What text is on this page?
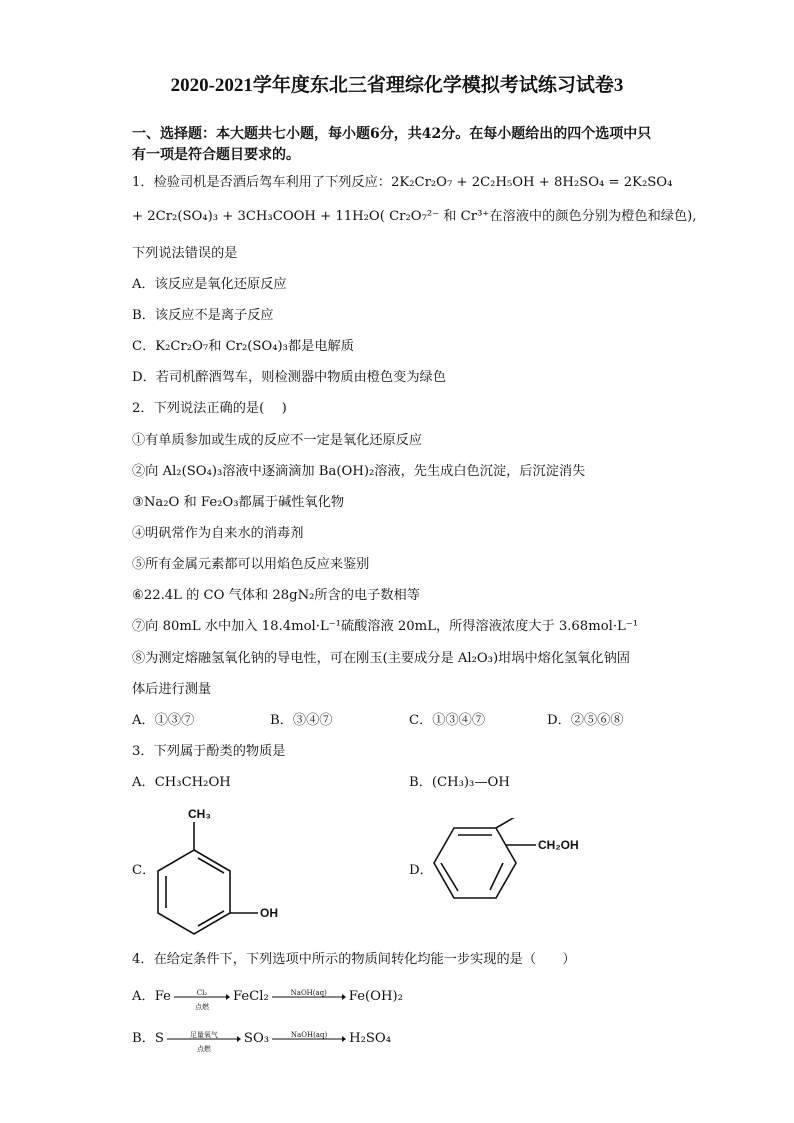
2020-2021学年度东北三省理综化学模拟考试练习试卷3
一、选择题：本大题共七小题，每小题6分，共42分。在每小题给出的四个选项中只
有一项是符合题目要求的。
1．检验司机是否酒后驾车利用了下列反应：2K₂Cr₂O₇ + 2C₂H₅OH + 8H₂SO₄ = 2K₂SO₄
+ 2Cr₂(SO₄)₃ + 3CH₃COOH + 11H₂O( Cr₂O₇²⁻ 和 Cr³⁺在溶液中的颜色分别为橙色和绿色),
下列说法错误的是
A．该反应是氧化还原反应
B．该反应不是离子反应
C．K₂Cr₂O₇和 Cr₂(SO₄)₃都是电解质
D．若司机醉酒驾车，则检测器中物质由橙色变为绿色
2．下列说法正确的是(　 )
①有单质参加或生成的反应不一定是氧化还原反应
②向 Al₂(SO₄)₃溶液中逐滴滴加 Ba(OH)₂溶液，先生成白色沉淀，后沉淀消失
③Na₂O 和 Fe₂O₃都属于碱性氧化物
④明矾常作为自来水的消毒剂
⑤所有金属元素都可以用焰色反应来鉴别
⑥22.4L 的 CO 气体和 28gN₂所含的电子数相等
⑦向 80mL 水中加入 18.4mol·L⁻¹硫酸溶液 20mL，所得溶液浓度大于 3.68mol·L⁻¹
⑧为测定熔融氢氧化钠的导电性，可在刚玉(主要成分是 Al₂O₃)坩埚中熔化氢氧化钠固
体后进行测量
A．①③⑦	B．③④⑦	C．①③④⑦	D．②⑤⑥⑧
3．下列属于酚类的物质是
A．CH₃CH₂OH	B．(CH₃)₃—OH
C．
CH₃
OH
D．
CH₂OH
4．在给定条件下，下列选项中所示的物质间转化均能一步实现的是（　　）
A．Fe	Cl₂
点燃
FeCl₂	NaOH(aq)	Fe(OH)₂
B．S	足量氧气
点燃
SO₃	NaOH(aq)	H₂SO₄
